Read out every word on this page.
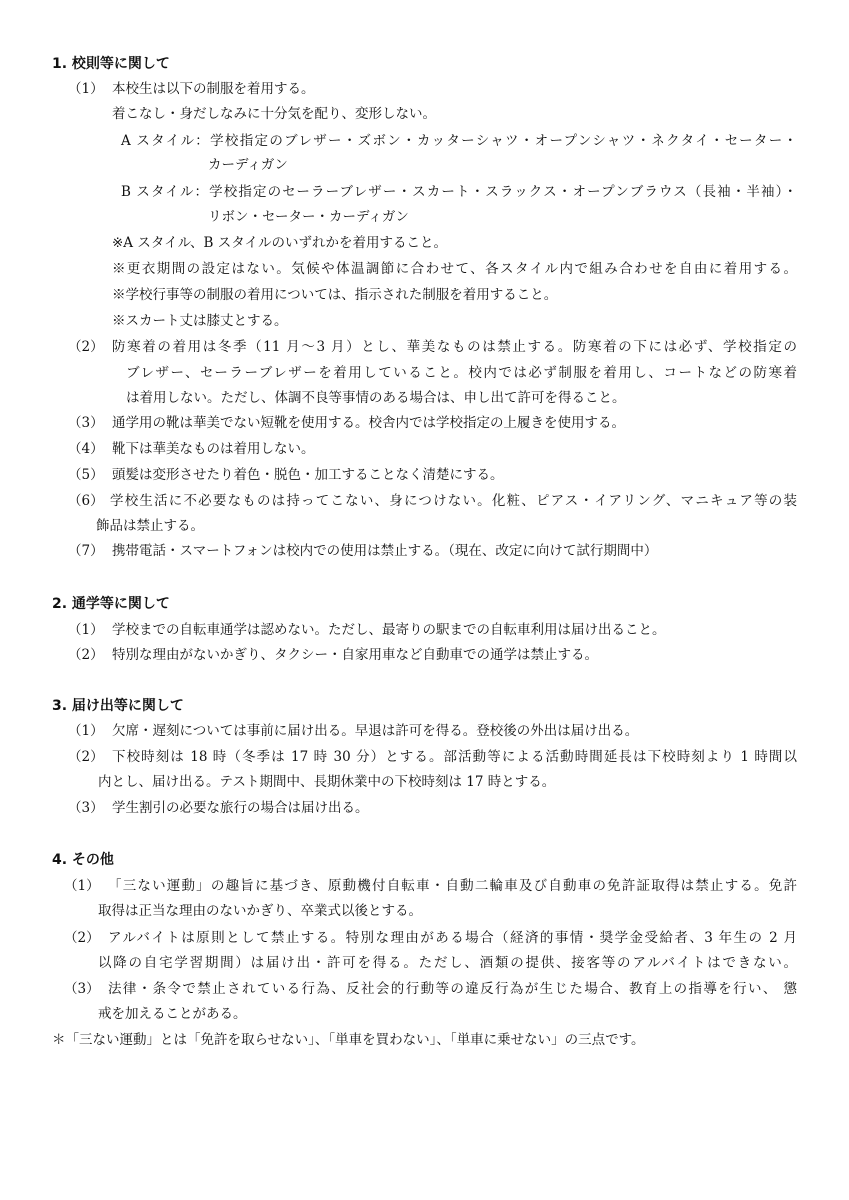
1. 校則等に関して
（1） 本校生は以下の制服を着用する。
着こなし・身だしなみに十分気を配り、変形しない。
A スタイル：学校指定のブレザー・ズボン・カッターシャツ・オープンシャツ・ネクタイ・セーター・
カーディガン
B スタイル：学校指定のセーラーブレザー・スカート・スラックス・オープンブラウス（長袖・半袖）・
リボン・セーター・カーディガン
※A スタイル、B スタイルのいずれかを着用すること。
※更衣期間の設定はない。気候や体温調節に合わせて、各スタイル内で組み合わせを自由に着用する。
※学校行事等の制服の着用については、指示された制服を着用すること。
※スカート丈は膝丈とする。
（2） 防寒着の着用は冬季（11 月～3 月）とし、華美なものは禁止する。防寒着の下には必ず、学校指定の
ブレザー、セーラーブレザーを着用していること。校内では必ず制服を着用し、コートなどの防寒着
は着用しない。ただし、体調不良等事情のある場合は、申し出て許可を得ること。
（3） 通学用の靴は華美でない短靴を使用する。校舎内では学校指定の上履きを使用する。
（4） 靴下は華美なものは着用しない。
（5） 頭髪は変形させたり着色・脱色・加工することなく清楚にする。
（6） 学校生活に不必要なものは持ってこない、身につけない。化粧、ピアス・イアリング、マニキュア等の装
飾品は禁止する。
（7） 携帯電話・スマートフォンは校内での使用は禁止する。（現在、改定に向けて試行期間中）
2. 通学等に関して
（1） 学校までの自転車通学は認めない。ただし、最寄りの駅までの自転車利用は届け出ること。
（2） 特別な理由がないかぎり、タクシー・自家用車など自動車での通学は禁止する。
3. 届け出等に関して
（1） 欠席・遅刻については事前に届け出る。早退は許可を得る。登校後の外出は届け出る。
（2） 下校時刻は 18 時（冬季は 17 時 30 分）とする。部活動等による活動時間延長は下校時刻より 1 時間以
内とし、届け出る。テスト期間中、長期休業中の下校時刻は 17 時とする。
（3） 学生割引の必要な旅行の場合は届け出る。
4. その他
（1） 「三ない運動」の趣旨に基づき、原動機付自転車・自動二輪車及び自動車の免許証取得は禁止する。免許
取得は正当な理由のないかぎり、卒業式以後とする。
（2） アルバイトは原則として禁止する。特別な理由がある場合（経済的事情・奨学金受給者、3 年生の 2 月
以降の自宅学習期間）は届け出・許可を得る。ただし、酒類の提供、接客等のアルバイトはできない。
（3） 法律・条令で禁止されている行為、反社会的行動等の違反行為が生じた場合、教育上の指導を行い、 懲
戒を加えることがある。
＊「三ない運動」とは「免許を取らせない」、「単車を買わない」、「単車に乗せない」の三点です。
